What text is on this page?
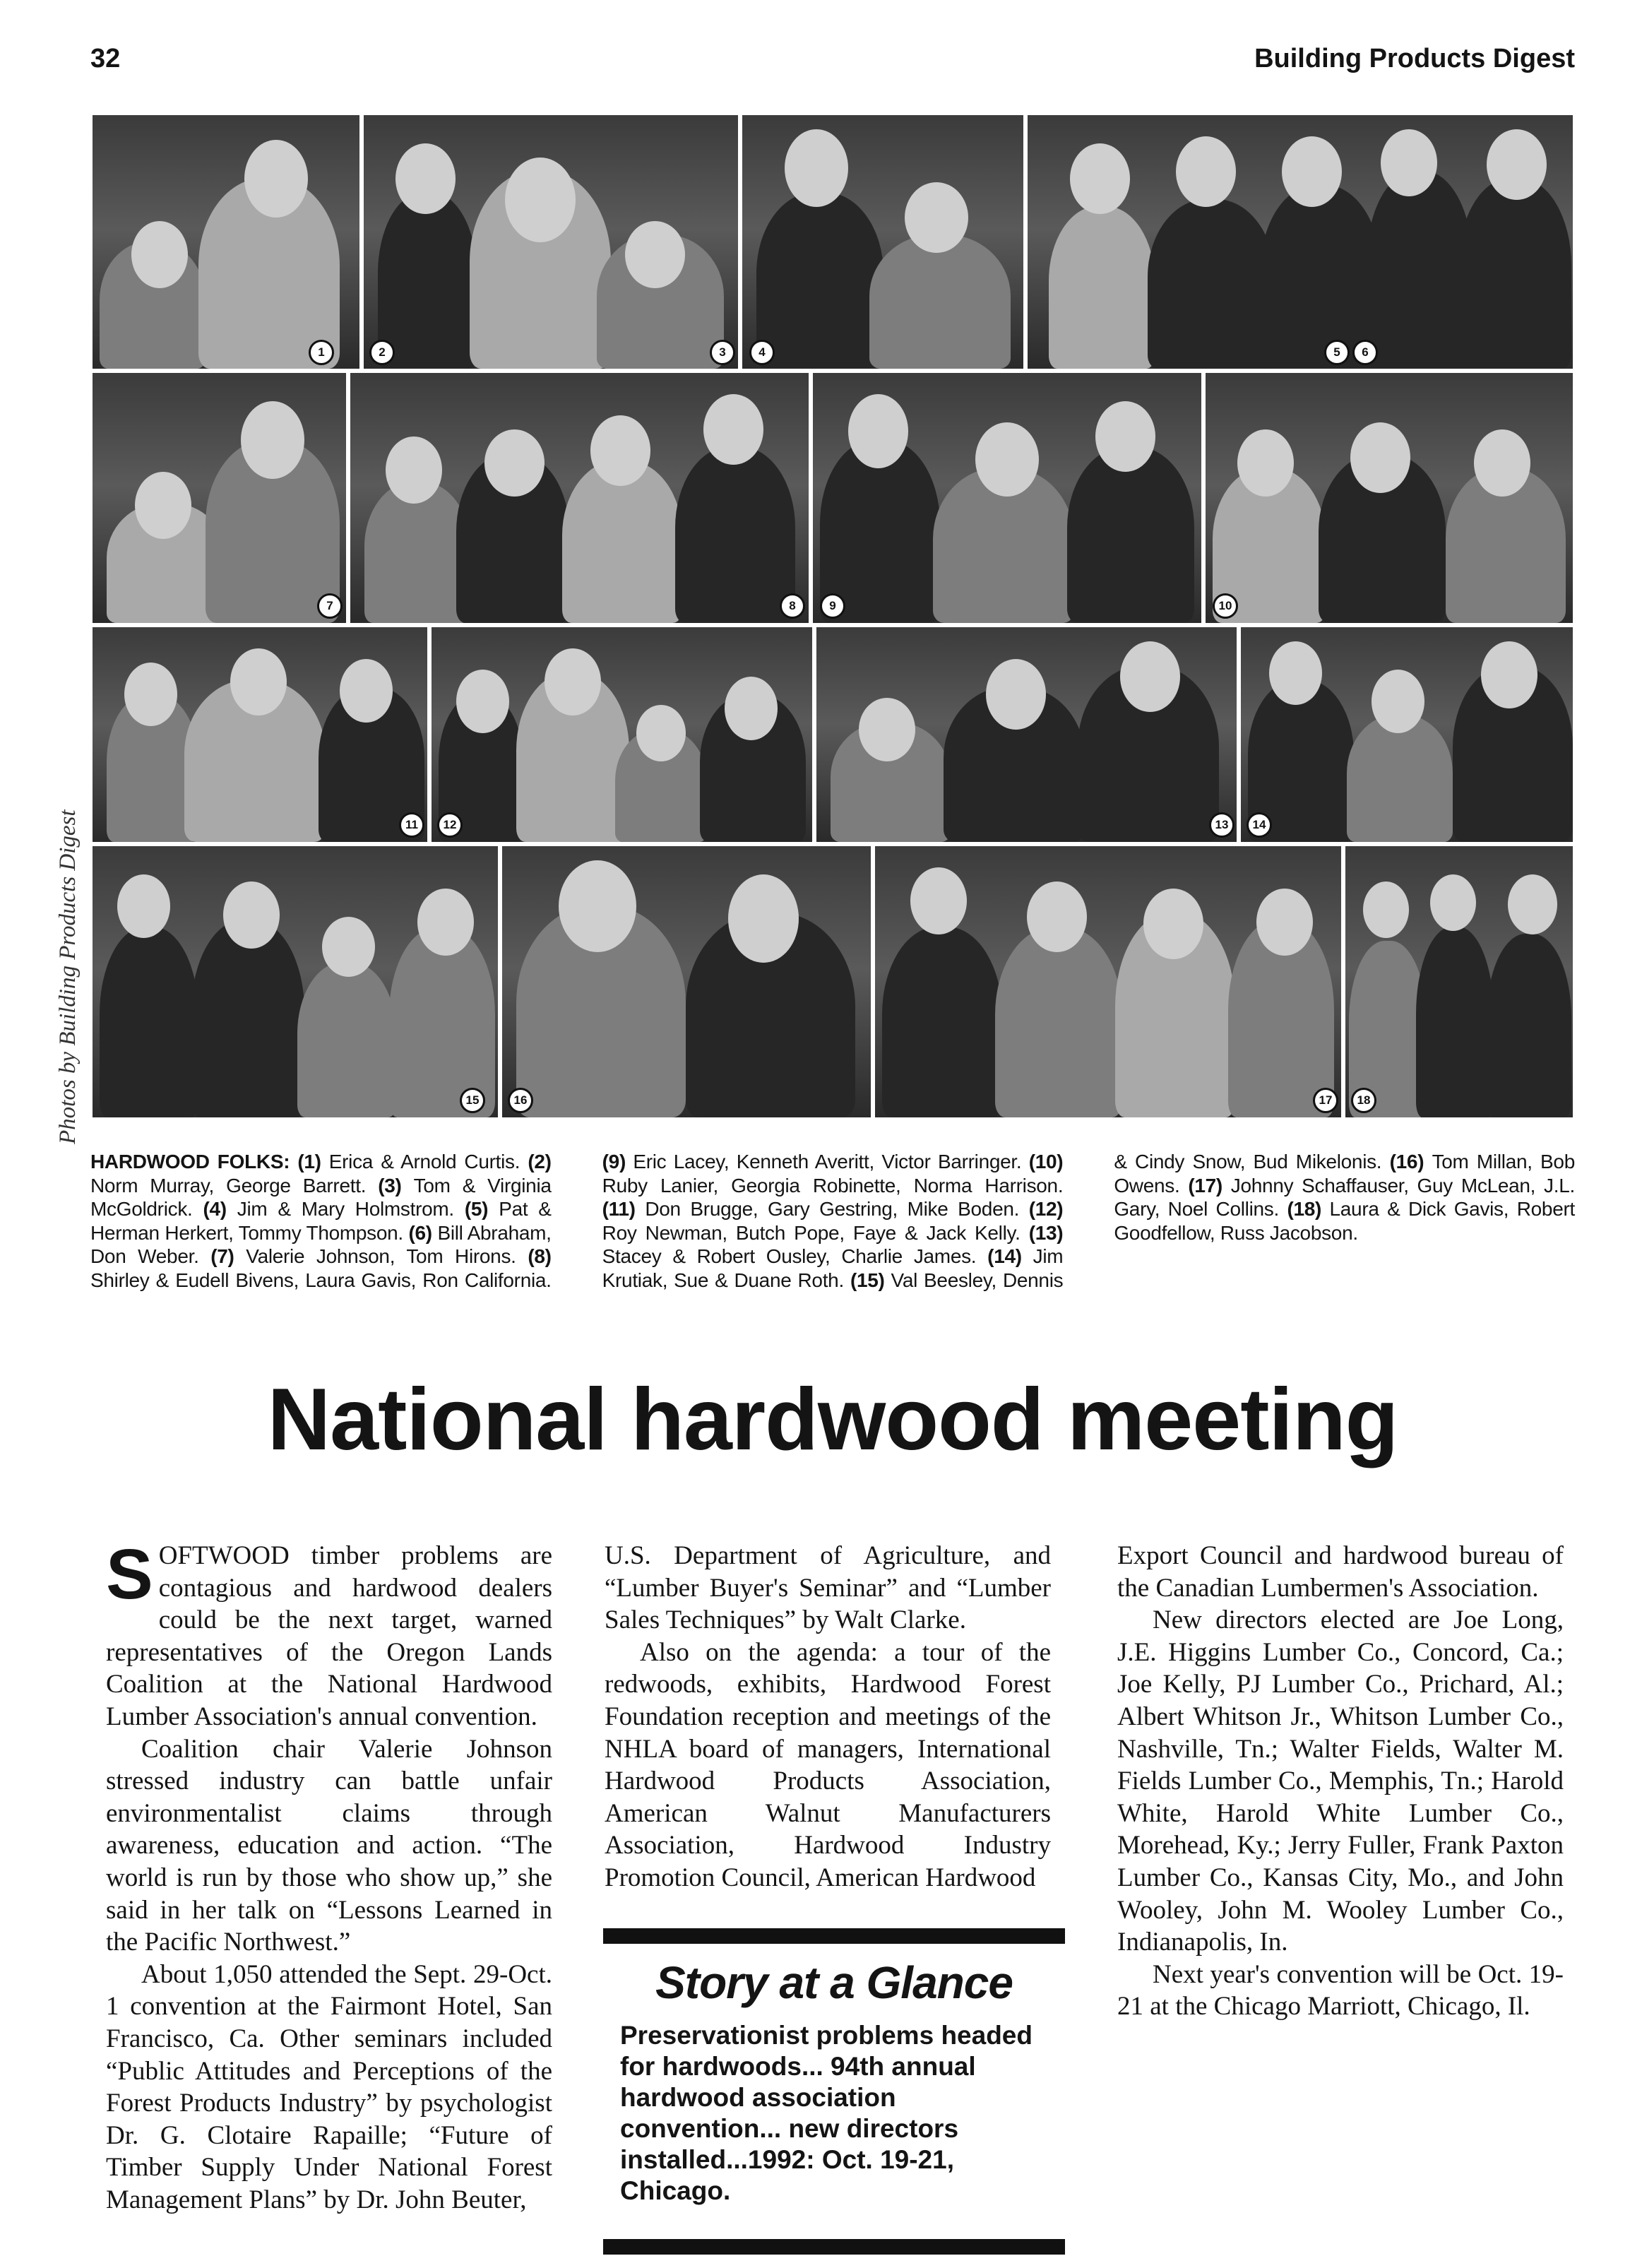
32	Building Products Digest
Photos by Building Products Digest
1	2	3	4	5	6
7	8	9	10
11	12	13	14
15	16	17	18
HARDWOOD FOLKS: (1) Erica & Arnold Curtis. (2) Norm Murray, George Barrett. (3) Tom & Virginia McGoldrick. (4) Jim & Mary Holmstrom. (5) Pat & Herman Herkert, Tommy Thompson. (6) Bill Abraham, Don Weber. (7) Valerie Johnson, Tom Hirons. (8) Shirley & Eudell Bivens, Laura Gavis, Ron California. (9) Eric Lacey, Kenneth Averitt, Victor Barringer. (10) Ruby Lanier, Georgia Robinette, Norma Harrison. (11) Don Brugge, Gary Gestring, Mike Boden. (12) Roy Newman, Butch Pope, Faye & Jack Kelly. (13) Stacey & Robert Ousley, Charlie James. (14) Jim Krutiak, Sue & Duane Roth. (15) Val Beesley, Dennis & Cindy Snow, Bud Mikelonis. (16) Tom Millan, Bob Owens. (17) Johnny Schaffauser, Guy McLean, J.L. Gary, Noel Collins. (18) Laura & Dick Gavis, Robert Goodfellow, Russ Jacobson.
National hardwood meeting

SOFTWOOD timber problems are contagious and hardwood dealers could be the next target, warned representatives of the Oregon Lands Coalition at the National Hardwood Lumber Association's annual convention.

Coalition chair Valerie Johnson stressed industry can battle unfair environmentalist claims through awareness, education and action. “The world is run by those who show up,” she said in her talk on “Lessons Learned in the Pacific Northwest.”

About 1,050 attended the Sept. 29-Oct. 1 convention at the Fairmont Hotel, San Francisco, Ca. Other seminars included “Public Attitudes and Perceptions of the Forest Products Industry” by psychologist Dr. G. Clotaire Rapaille; “Future of Timber Supply Under National Forest Management Plans” by Dr. John Beuter,

U.S. Department of Agriculture, and “Lumber Buyer's Seminar” and “Lumber Sales Techniques” by Walt Clarke.

Also on the agenda: a tour of the redwoods, exhibits, Hardwood Forest Foundation reception and meetings of the NHLA board of managers, International Hardwood Products Association, American Walnut Manufacturers Association, Hardwood Industry Promotion Council, American Hardwood

Export Council and hardwood bureau of the Canadian Lumbermen's Association.

New directors elected are Joe Long, J.E. Higgins Lumber Co., Concord, Ca.; Joe Kelly, PJ Lumber Co., Prichard, Al.; Albert Whitson Jr., Whitson Lumber Co., Nashville, Tn.; Walter Fields, Walter M. Fields Lumber Co., Memphis, Tn.; Harold White, Harold White Lumber Co., Morehead, Ky.; Jerry Fuller, Frank Paxton Lumber Co., Kansas City, Mo., and John Wooley, John M. Wooley Lumber Co., Indianapolis, In.

Next year's convention will be Oct. 19-21 at the Chicago Marriott, Chicago, Il.

Story at a Glance
Preservationist problems headed for hardwoods... 94th annual hardwood association convention... new directors installed...1992: Oct. 19-21, Chicago.
